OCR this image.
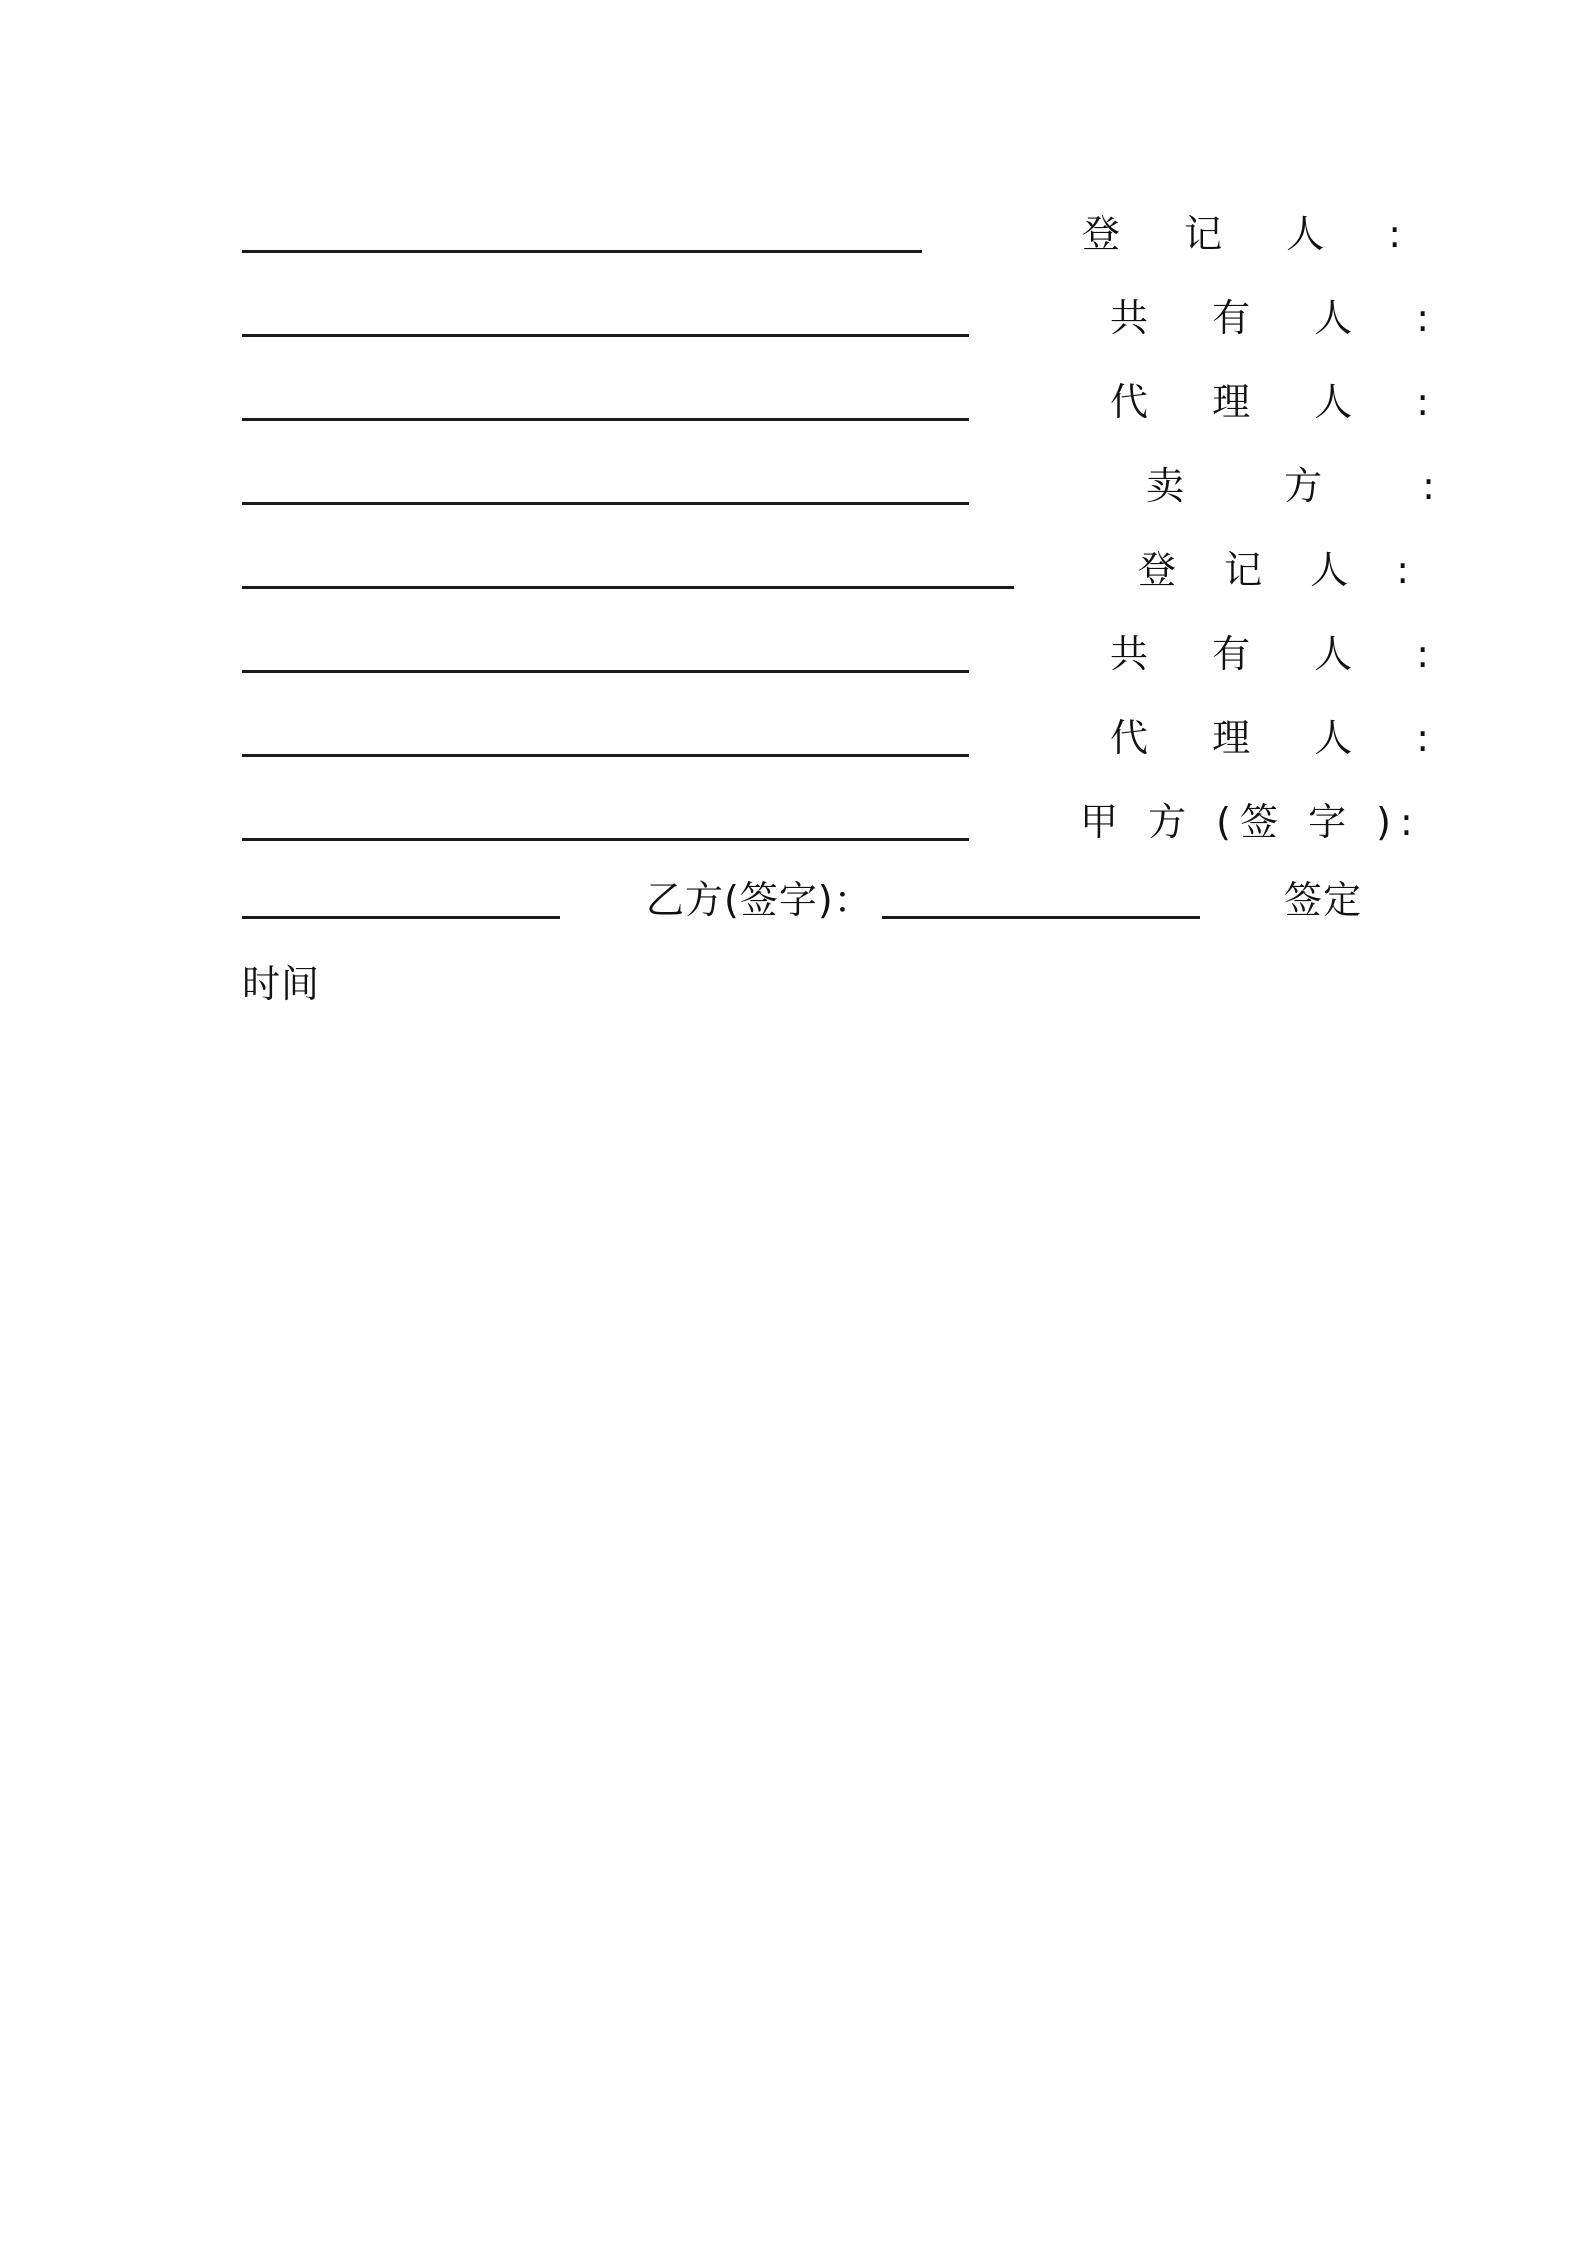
登 记 人 :
共 有 人 :
代 理 人 :
卖 方 :
登 记 人 :
共 有 人 :
代 理 人 :
甲 方 (签 字 ):
乙方(签字)：	签定
时间
